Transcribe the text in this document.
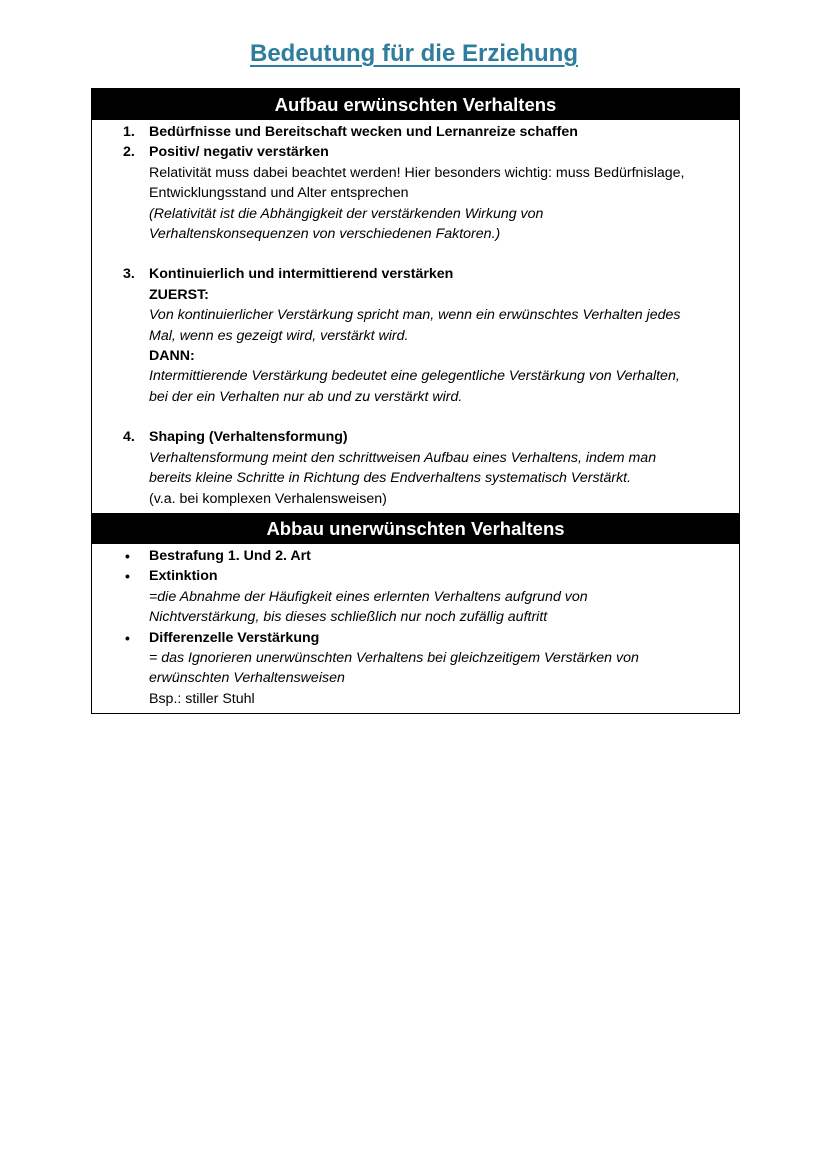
Bedeutung für die Erziehung
Aufbau erwünschten Verhaltens
1. Bedürfnisse und Bereitschaft wecken und Lernanreize schaffen
2. Positiv/ negativ verstärken
Relativität muss dabei beachtet werden! Hier besonders wichtig: muss Bedürfnislage,
Entwicklungsstand und Alter entsprechen
(Relativität ist die Abhängigkeit der verstärkenden Wirkung von
Verhaltenskonsequenzen von verschiedenen Faktoren.)
3. Kontinuierlich und intermittierend verstärken
ZUERST:
Von kontinuierlicher Verstärkung spricht man, wenn ein erwünschtes Verhalten jedes
Mal, wenn es gezeigt wird, verstärkt wird.
DANN:
Intermittierende Verstärkung bedeutet eine gelegentliche Verstärkung von Verhalten,
bei der ein Verhalten nur ab und zu verstärkt wird.
4. Shaping (Verhaltensformung)
Verhaltensformung meint den schrittweisen Aufbau eines Verhaltens, indem man
bereits kleine Schritte in Richtung des Endverhaltens systematisch Verstärkt.
(v.a. bei komplexen Verhalensweisen)
Abbau unerwünschten Verhaltens
• Bestrafung 1. Und 2. Art
• Extinktion
=die Abnahme der Häufigkeit eines erlernten Verhaltens aufgrund von
Nichtverstärkung, bis dieses schließlich nur noch zufällig auftritt
• Differenzelle Verstärkung
= das Ignorieren unerwünschten Verhaltens bei gleichzeitigem Verstärken von
erwünschten Verhaltensweisen
Bsp.: stiller Stuhl
